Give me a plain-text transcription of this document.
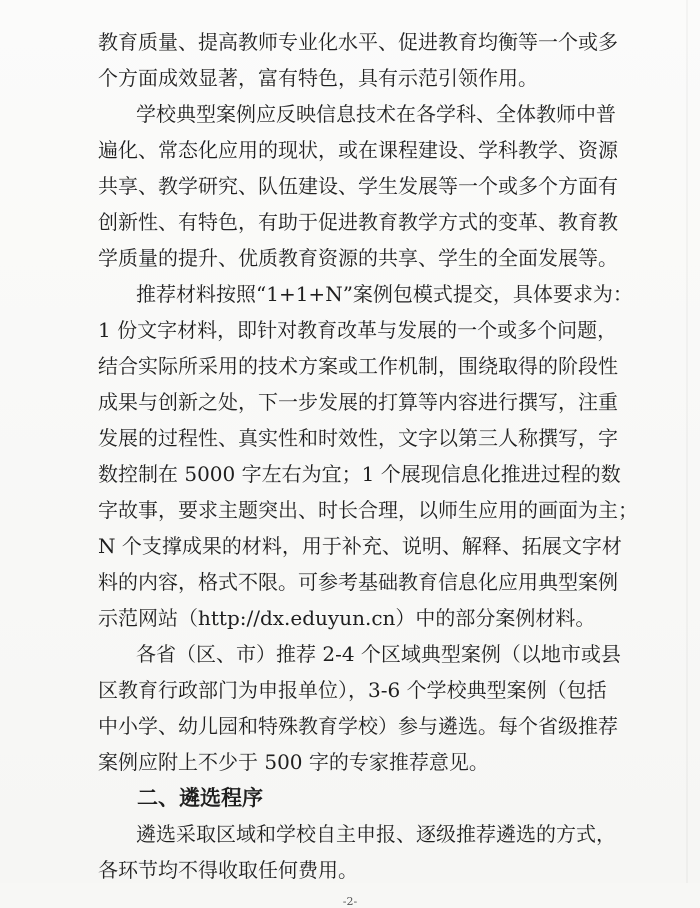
教育质量、提高教师专业化水平、促进教育均衡等一个或多
个方面成效显著，富有特色，具有示范引领作用。
学校典型案例应反映信息技术在各学科、全体教师中普
遍化、常态化应用的现状，或在课程建设、学科教学、资源
共享、教学研究、队伍建设、学生发展等一个或多个方面有
创新性、有特色，有助于促进教育教学方式的变革、教育教
学质量的提升、优质教育资源的共享、学生的全面发展等。
推荐材料按照“1+1+N”案例包模式提交，具体要求为：
1 份文字材料，即针对教育改革与发展的一个或多个问题，
结合实际所采用的技术方案或工作机制，围绕取得的阶段性
成果与创新之处，下一步发展的打算等内容进行撰写，注重
发展的过程性、真实性和时效性，文字以第三人称撰写，字
数控制在 5000 字左右为宜；1 个展现信息化推进过程的数
字故事，要求主题突出、时长合理，以师生应用的画面为主；
N 个支撑成果的材料，用于补充、说明、解释、拓展文字材
料的内容，格式不限。可参考基础教育信息化应用典型案例
示范网站（http://dx.eduyun.cn）中的部分案例材料。
各省（区、市）推荐 2-4 个区域典型案例（以地市或县
区教育行政部门为申报单位），3-6 个学校典型案例（包括
中小学、幼儿园和特殊教育学校）参与遴选。每个省级推荐
案例应附上不少于 500 字的专家推荐意见。
二、遴选程序
遴选采取区域和学校自主申报、逐级推荐遴选的方式，
各环节均不得收取任何费用。
-2-
